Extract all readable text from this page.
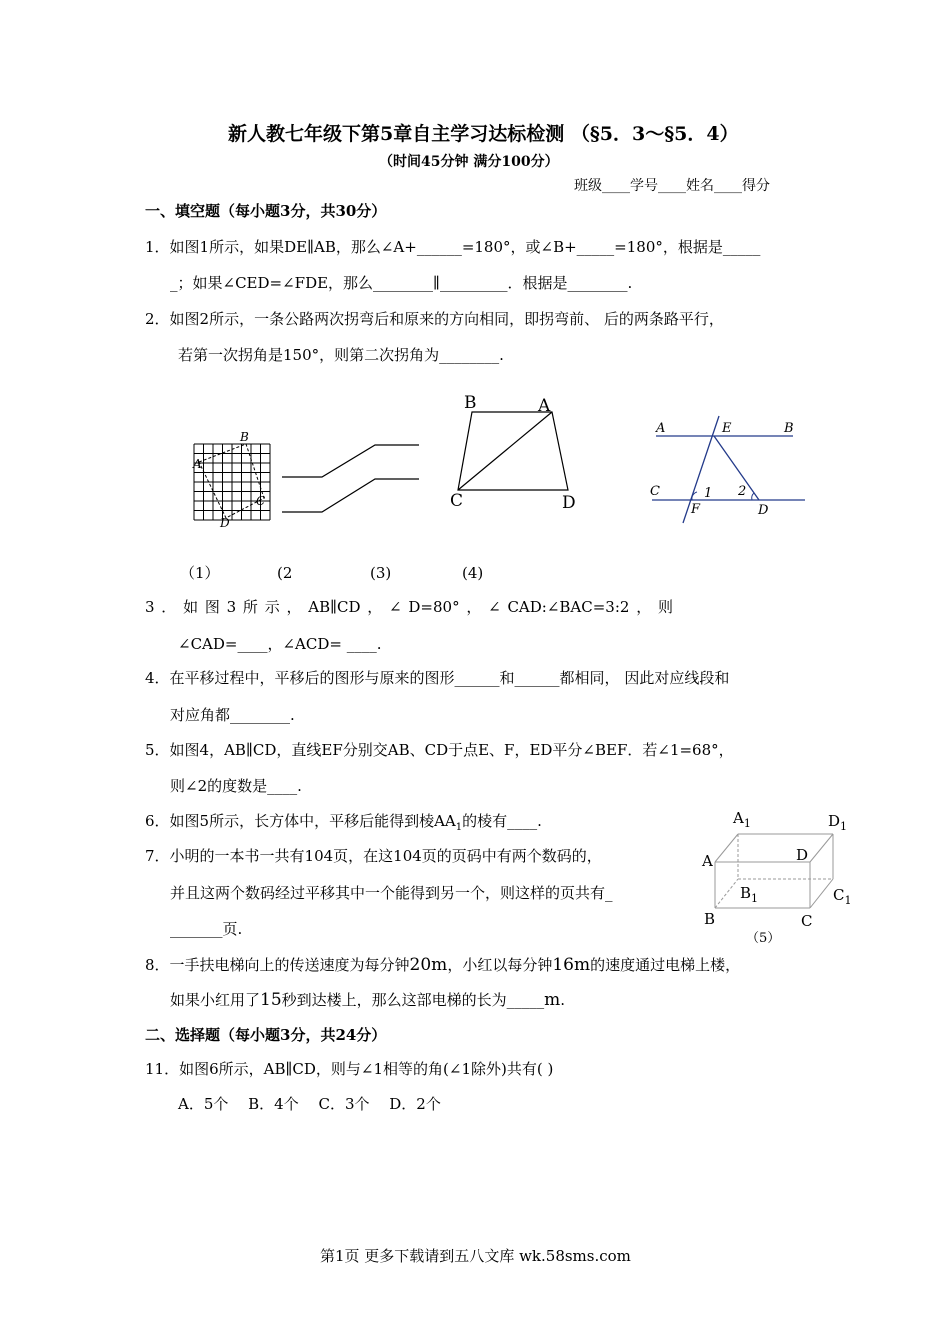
新人教七年级下第5章自主学习达标检测 （§5．3～§5．4）
（时间45分钟 满分100分）
班级____学号____姓名____得分
一、填空题（每小题3分，共30分）
1．如图1所示，如果DE∥AB，那么∠A+______=180°，或∠B+_____=180°，根据是_____
_；如果∠CED=∠FDE，那么________∥_________．根据是________.
2．如图2所示，一条公路两次拐弯后和原来的方向相同，即拐弯前、 后的两条路平行，
若第一次拐角是150°，则第二次拐角为________.
A
B
C
D
B	A
C	D
A	E	B
C	1 2
F	D
（1）	(2	(3)	(4)
3 ． 如 图 3 所 示 ， AB∥CD ， ∠ D=80° ， ∠ CAD:∠BAC=3:2 ， 则
∠CAD=____，∠ACD= ____.
4．在平移过程中，平移后的图形与原来的图形______和______都相同， 因此对应线段和
对应角都________.
5．如图4，AB∥CD，直线EF分别交AB、CD于点E、F，ED平分∠BEF．若∠1=68°，
则∠2的度数是____.
6．如图5所示，长方体中，平移后能得到棱$AA_1$的棱有____.
7．小明的一本书一共有104页，在这104页的页码中有两个数码的，
并且这两个数码经过平移其中一个能得到另一个，则这样的页共有_
_______页.
$A_1$	$D_1$
A	D
$B_1$	$C_1$
B	C
（5）
8．一手扶电梯向上的传送速度为每分钟20m，小红以每分钟16m的速度通过电梯上楼，
如果小红用了15秒到达楼上，那么这部电梯的长为_____m.
二、选择题（每小题3分，共24分）
11．如图6所示，AB∥CD，则与∠1相等的角(∠1除外)共有( )
A．5个　 B．4个　 C．3个　 D．2个
第1页 更多下载请到五八文库 wk.58sms.com
